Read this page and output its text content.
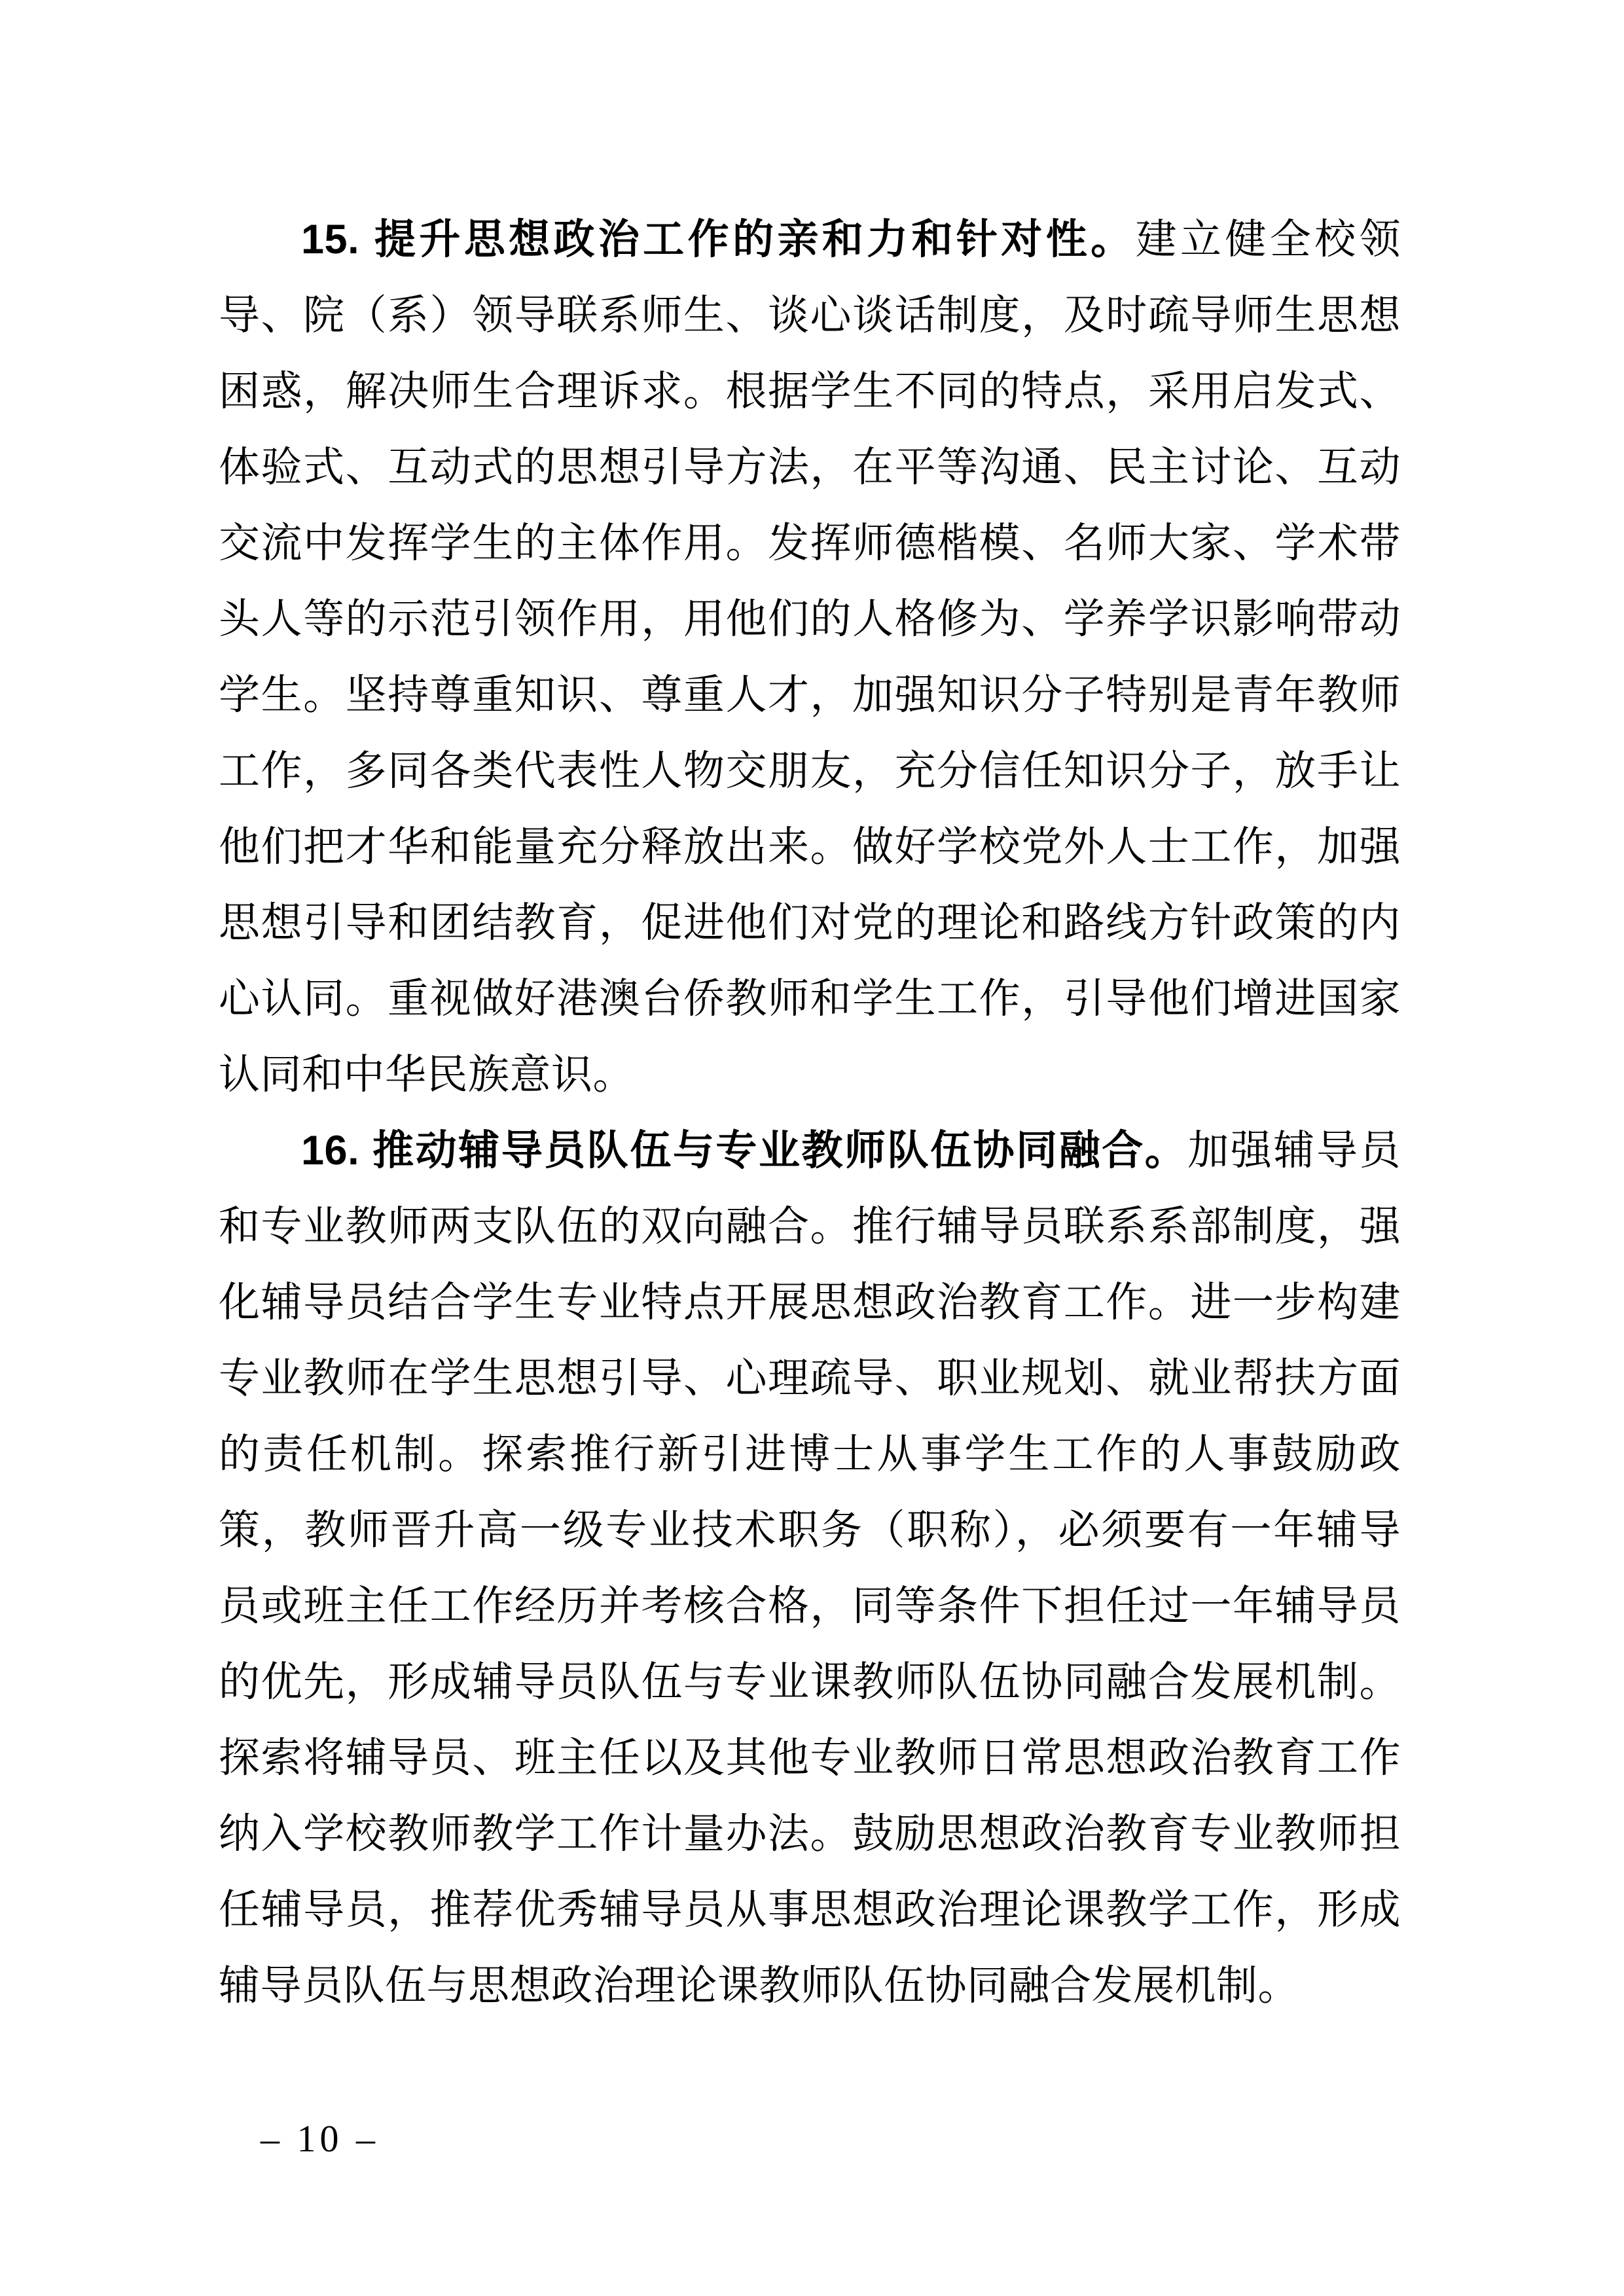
15. 提升思想政治工作的亲和力和针对性。建立健全校领导、院（系）领导联系师生、谈心谈话制度，及时疏导师生思想困惑，解决师生合理诉求。根据学生不同的特点，采用启发式、体验式、互动式的思想引导方法，在平等沟通、民主讨论、互动交流中发挥学生的主体作用。发挥师德楷模、名师大家、学术带头人等的示范引领作用，用他们的人格修为、学养学识影响带动学生。坚持尊重知识、尊重人才，加强知识分子特别是青年教师工作，多同各类代表性人物交朋友，充分信任知识分子，放手让他们把才华和能量充分释放出来。做好学校党外人士工作，加强思想引导和团结教育，促进他们对党的理论和路线方针政策的内心认同。重视做好港澳台侨教师和学生工作，引导他们增进国家认同和中华民族意识。

16. 推动辅导员队伍与专业教师队伍协同融合。加强辅导员和专业教师两支队伍的双向融合。推行辅导员联系系部制度，强化辅导员结合学生专业特点开展思想政治教育工作。进一步构建专业教师在学生思想引导、心理疏导、职业规划、就业帮扶方面的责任机制。探索推行新引进博士从事学生工作的人事鼓励政策，教师晋升高一级专业技术职务（职称），必须要有一年辅导员或班主任工作经历并考核合格，同等条件下担任过一年辅导员的优先，形成辅导员队伍与专业课教师队伍协同融合发展机制。探索将辅导员、班主任以及其他专业教师日常思想政治教育工作纳入学校教师教学工作计量办法。鼓励思想政治教育专业教师担任辅导员，推荐优秀辅导员从事思想政治理论课教学工作，形成辅导员队伍与思想政治理论课教师队伍协同融合发展机制。

– 10 –
